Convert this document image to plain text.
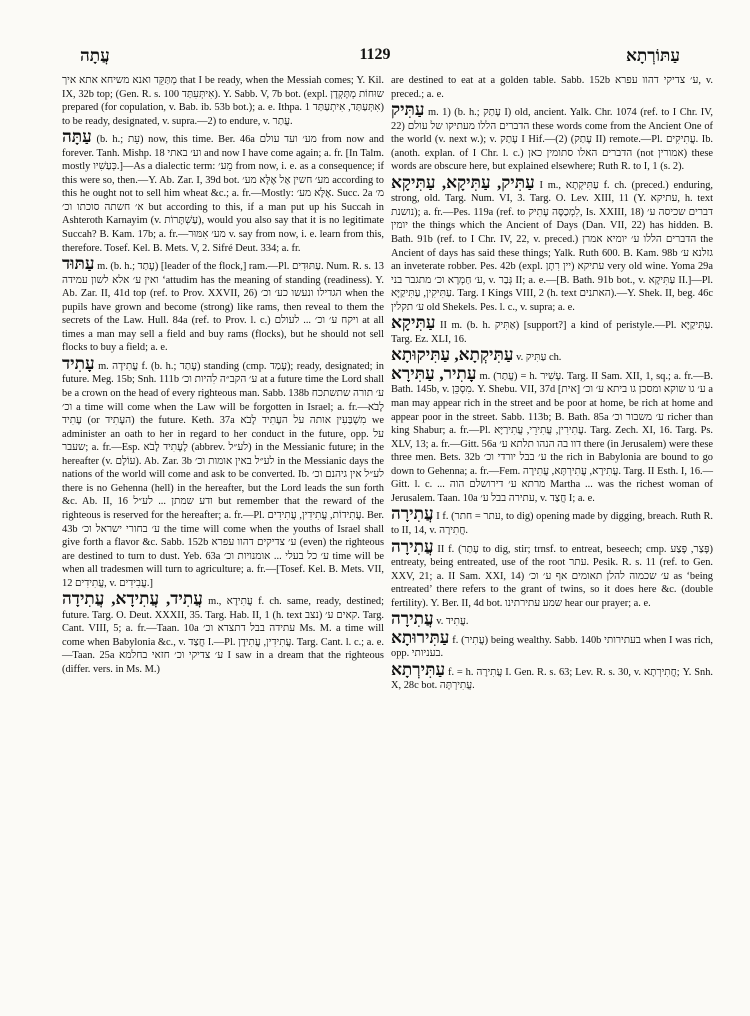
עֲתָה	1129	עַתּוֹרְתָא

מְתַּקֵּד ואנא משיחא אתא איך that I be ready, when the Messiah comes; Y. Kil. IX, 32b top; (Gen. R. s. 100 אִיתְּעִתַּד). Y. Sabb. V, 7b bot. (expl. שוּחוֹת מְתָּקְדָן prepared (for copulation, v. Bab. ib. 53b bot.); a. e. Ithpa. אִתְּעַתַּד, אִיתְעַתַּד 1) to be ready, designated, v. supra.—2) to endure, v. עֲתַר.

עַתָּה (b. h.; עֵת) now, this time. Ber. 46a מע׳ ועד עולם from now and forever. Tanh. Mishp. 18 וע׳ באתי and now I have come again; a. fr. [In Talm. mostly כְּעַשִׁיו.]—As a dialectic term: מֵע׳ from now, i. e. as a consequence; if this were so, then.—Y. Ab. Zar. I, 39d bot. מע׳ חשין אַל אֶלָּא מע׳ according to this he ought not to sell him wheat &c.; a. fr.—Mostly: אֶלָּא מע׳. Succ. 2a מ׳ א׳ חשתה סוכתו וכ׳ but according to this, if a man put up his Succah in Ashteroth Karnayim (v. עַשְׁתָּרוֹת), would you also say that it is no legitimate Succah? B. Kam. 17b; a. fr.—מע׳ אִמּוּר v. say from now, i. e. learn from this, therefore. Tosef. Kel. B. Mets. V, 2. Sifré Deut. 334; a. fr.

עַתּוּד m. (b. h.; עָתַד) [leader of the flock,] ram.—Pl. עַתּוּדִים. Num. R. s. 13 ואין ע׳ אלא לשון עמידה ʻattudim has the meaning of standing (readiness). Y. Ab. Zar. II, 41d top (ref. to Prov. XXVII, 26) הגדילו ונעשו כע׳ וכ׳ when the pupils have grown and become (strong) like rams, then reveal to them the secrets of the Law. Hull. 84a (ref. to Prov. l. c.) ויקח ע׳ וכ׳ ... לעולם at all times a man may sell a field and buy rams (flocks), but he should not sell flocks to buy a field; a. e.

עָתִיד m. עֲתִידָה f. (b. h.; עָתַד) standing (cmp. עָמַד); ready, designated; in future. Meg. 15b; Snh. 111b ע׳ הקב״ה לִהיות וכ׳ at a future time the Lord shall be a crown on the head of every righteous man. Sabb. 138b ע׳ תורה שתשתכח וכ׳ a time will come when the Law will be forgotten in Israel; a. fr.—לָבֹא עָתִיד (or העָתִיד) the future. Keth. 37a מִשְׁבַּעִין אותה על העָתִיד לָבֹא we administer an oath to her in regard to her conduct in the future, opp. על שעבר; a. fr.—Esp. לֶעָתִיד לָבֹא (abbrev. לע״ל) in the Messianic future; in the hereafter (v. עוֹלָם). Ab. Zar. 3b לע״ל באין אומות וכ׳ in the Messianic days the nations of the world will come and ask to be converted. Ib. לע״ל אין גיהנם וכ׳ there is no Gehenna (hell) in the hereafter, but the Lord leads the sun forth &c. Ab. II, 16 ודע שמתן ... לע״ל but remember that the reward of the righteous is reserved for the hereafter; a. fr.—Pl. עֲתִידוֹת, עֲתִידִין, עֲתִידִים. Ber. 43b ע׳ בחורי ישראל וכ׳ the time will come when the youths of Israel shall give forth a flavor &c. Sabb. 152b ע׳ צדיקים דהוו עפרא (even) the righteous are destined to turn to dust. Yeb. 63a ע׳ כל בעלי ... אומנויות וכ׳ time will be when all tradesmen will turn to agriculture; a. fr.—[Tosef. Kel. B. Mets. VII, 12 עֲתִידִים, v. עֲבִידִים.]

עֲתִיד, עֲתִידָא, עֲתִידָה m., עֲתִידָא f. ch. same, ready, destined; future. Targ. O. Deut. XXXII, 35. Targ. Hab. II, 1 (h. text נצב) קאים ע׳. Targ. Cant. VIII, 5; a. fr.—Taan. 10a עתידה בבל דתצדא וכ׳ Ms. M. a time will come when Babylonia &c., v. חֲצַד I.—Pl. עֲתִידִין, עֲתִידָן. Targ. Cant. l. c.; a. e.—Taan. 25a ע׳ צדיקי וכ׳ חזאי בחלמא I saw in a dream that the righteous (differ. vers. in Ms. M.)

are destined to eat at a golden table. Sabb. 152b ע׳ צדיקי דהוו עפרא, v. preced.; a. e.

עַתִּיק m. 1) (b. h.; עָתַק I) old, ancient. Yalk. Chr. 1074 (ref. to I Chr. IV, 22) הדברים הללו מעתיקו של עולם these words come from the Ancient One of the world (v. next w.); v. עָתַק I Hif.—(2) (עָתַק II) remote.—Pl. עֲתִיקִים. Ib. (anoth. explan. of I Chr. l. c.) הדברים האלו סתומין כאן (not אמורין) these words are obscure here, but explained elsewhere; Ruth R. to I, 1 (s. 2).

עַתִּיק, עַתִּיקָא, עַתִּיקָא I m., עַתִּיקְתָא f. ch. (preced.) enduring, strong, old. Targ. Num. VI, 3. Targ. O. Lev. XIII, 11 (Y. עתיקא, h. text נושנת); a. fr.—Pes. 119a (ref. to לִמְכַסֶּה עָתִיק, Is. XXIII, 18) דברים שכיסה ע׳ יומין the things which the Ancient of Days (Dan. VII, 22) has hidden. B. Bath. 91b (ref. to I Chr. IV, 22, v. preced.) הדברים הללו ע׳ יומיא אמרן the Ancient of days has said these things; Yalk. Ruth 600. B. Kam. 98b גזלנא ע׳ an inveterate robber. Pes. 42b (expl. יין רִתָן) עתיקא very old wine. Yoma 29a ע׳ חַמְרָא וכ׳ מתגבר בני, v. גְּבַר II; a. e.—[B. Bath. 91b bot., v. עַתִּיקָא II.]—Pl. עַתִּיקִין, עַתִּיקַיָּא. Targ. I Kings VIII, 2 (h. text האתנים).—Y. Shek. II, beg. 46c ע׳ תקלין old Shekels. Pes. l. c., v. supra; a. e.

עַתִּיקָא II m. (b. h. אַתִּיק) [support?] a kind of peristyle.—Pl. עַתִּיקַיָּא. Targ. Ez. XLI, 16.

עַתִּיקְתָא, עַתִּיקוּתָא v. עַתִּיק ch.

עָתִיר, עַתִּירָא m. (עֲתַר) = h. עָשִׁיר. Targ. II Sam. XII, 1, sq.; a. fr.—B. Bath. 145b, v. מִסְכֵּן. Y. Shebu. VII, 37d ע׳ גו שוקא ומסכן גו ביתא ע׳ וכ׳ [אית] a man may appear rich in the street and be poor at home, be rich at home and appear poor in the street. Sabb. 113b; B. Bath. 85a ע׳ משבור וכ׳ richer than king Shabur; a. fr.—Pl. עֲתִירִין, עֲתִירֵי, עֲתִירַיָּא. Targ. Zech. XI, 16. Targ. Ps. XLV, 13; a. fr.—Gitt. 56a דוו בה הנהו תלתא ע׳ there (in Jerusalem) were these three men. Bets. 32b ע׳ בבל יורדי וכ׳ the rich in Babylonia are bound to go down to Gehenna; a. fr.—Fem. עֲתִירָא, עֲתִירְתָּא, עֲתִירָה. Targ. II Esth. I, 16.—Gitt. l. c. ... מרתא ע׳ דירושלם הוה Martha ... was the richest woman of Jerusalem. Taan. 10a עתירה בבל ע׳, v. חֲצַד I; a. e.

עֲתִירָה I f. (עתר = חתר, to dig) opening made by digging, breach. Ruth R. to II, 14, v. חֲתִירָה.

עֲתִירָה II f. (עָתַר to dig, stir; trnsf. to entreat, beseech; cmp. פָּצַר, פָּצַע) entreaty, being entreated, use of the root עתר. Pesik. R. s. 11 (ref. to Gen. XXV, 21; a. II Sam. XXI, 14) ע׳ שכמוה להלן תאומים אף ע׳ וכ׳ as ‘being entreated’ there refers to the grant of twins, so it does here &c. (double fertility). Y. Ber. II, 4d bot. שמע עתירתינו hear our prayer; a. e.

עֲתִירָה v. עֲתִיד.

עַתִּירוּתָא f. (עֲתִיר) being wealthy. Sabb. 140b בעתירותי when I was rich, opp. בעניותי.

עַתִּירְתָא f. = h. עֲתִירָה I. Gen. R. s. 63; Lev. R. s. 30, v. חֲתִירְתָא; Y. Snh. X, 28c bot. עֲתִירְתָּה.
